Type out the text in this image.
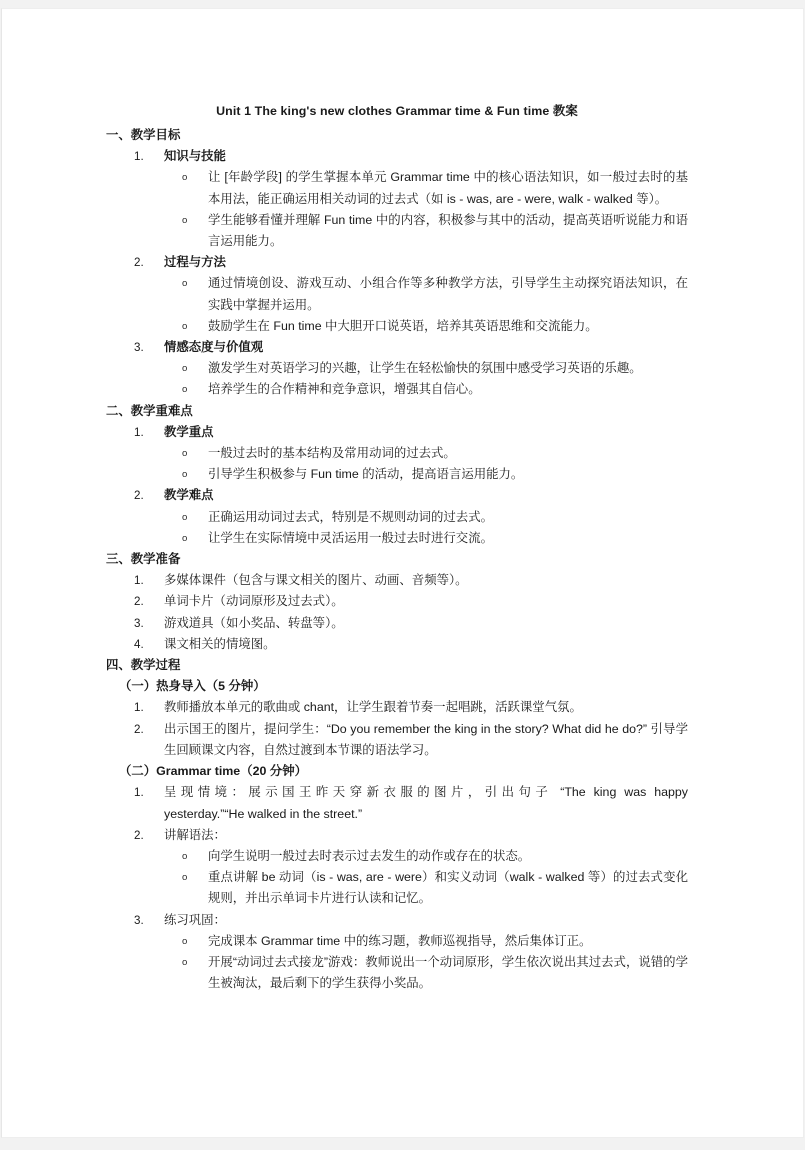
Unit 1 The king's new clothes Grammar time & Fun time 教案
一、教学目标
1.	知识与技能
o	让 [年龄学段] 的学生掌握本单元 Grammar time 中的核心语法知识，如一般过去时的基本用法，能正确运用相关动词的过去式（如 is - was, are - were, walk - walked 等）。
o	学生能够看懂并理解 Fun time 中的内容，积极参与其中的活动，提高英语听说能力和语言运用能力。
2.	过程与方法
o	通过情境创设、游戏互动、小组合作等多种教学方法，引导学生主动探究语法知识，在实践中掌握并运用。
o	鼓励学生在 Fun time 中大胆开口说英语，培养其英语思维和交流能力。
3.	情感态度与价值观
o	激发学生对英语学习的兴趣，让学生在轻松愉快的氛围中感受学习英语的乐趣。
o	培养学生的合作精神和竞争意识，增强其自信心。
二、教学重难点
1.	教学重点
o	一般过去时的基本结构及常用动词的过去式。
o	引导学生积极参与 Fun time 的活动，提高语言运用能力。
2.	教学难点
o	正确运用动词过去式，特别是不规则动词的过去式。
o	让学生在实际情境中灵活运用一般过去时进行交流。
三、教学准备
1.	多媒体课件（包含与课文相关的图片、动画、音频等）。
2.	单词卡片（动词原形及过去式）。
3.	游戏道具（如小奖品、转盘等）。
4.	课文相关的情境图。
四、教学过程
（一）热身导入（5 分钟）
1.	教师播放本单元的歌曲或 chant，让学生跟着节奏一起唱跳，活跃课堂气氛。
2.	出示国王的图片，提问学生：“Do you remember the king in the story? What did he do?” 引导学生回顾课文内容，自然过渡到本节课的语法学习。
（二）Grammar time（20 分钟）
1.	呈现情境：展示国王昨天穿新衣服的图片，引出句子 “The king was happy
yesterday.”“He walked in the street.”
2.	讲解语法：
o	向学生说明一般过去时表示过去发生的动作或存在的状态。
o	重点讲解 be 动词（is - was, are - were）和实义动词（walk - walked 等）的过去式变化规则，并出示单词卡片进行认读和记忆。
3.	练习巩固：
o	完成课本 Grammar time 中的练习题，教师巡视指导，然后集体订正。
o	开展“动词过去式接龙”游戏：教师说出一个动词原形，学生依次说出其过去式，说错的学生被淘汰，最后剩下的学生获得小奖品。
